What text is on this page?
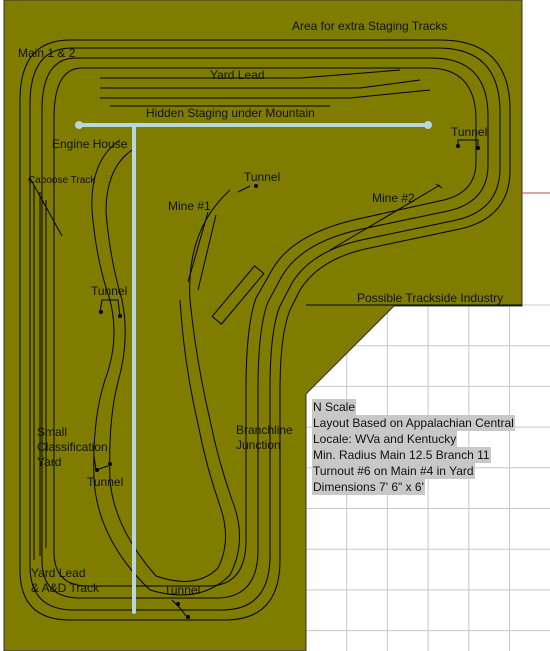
Area for extra Staging Tracks
Main 1 & 2
Yard Lead
Hidden Staging under Mountain
Engine House
Caboose Track
Tunnel
Tunnel
Mine #1
Mine #2
Possible Trackside Industry
Tunnel
Small
Classification
Yard
Tunnel
Branchline
Junction
Yard Lead
& A&D Track	Tunnel
N Scale
Layout Based on Appalachian Central
Locale: WVa and Kentucky
Min. Radius Main 12.5 Branch 11
Turnout #6 on Main #4 in Yard
Dimensions 7' 6" x 6'
